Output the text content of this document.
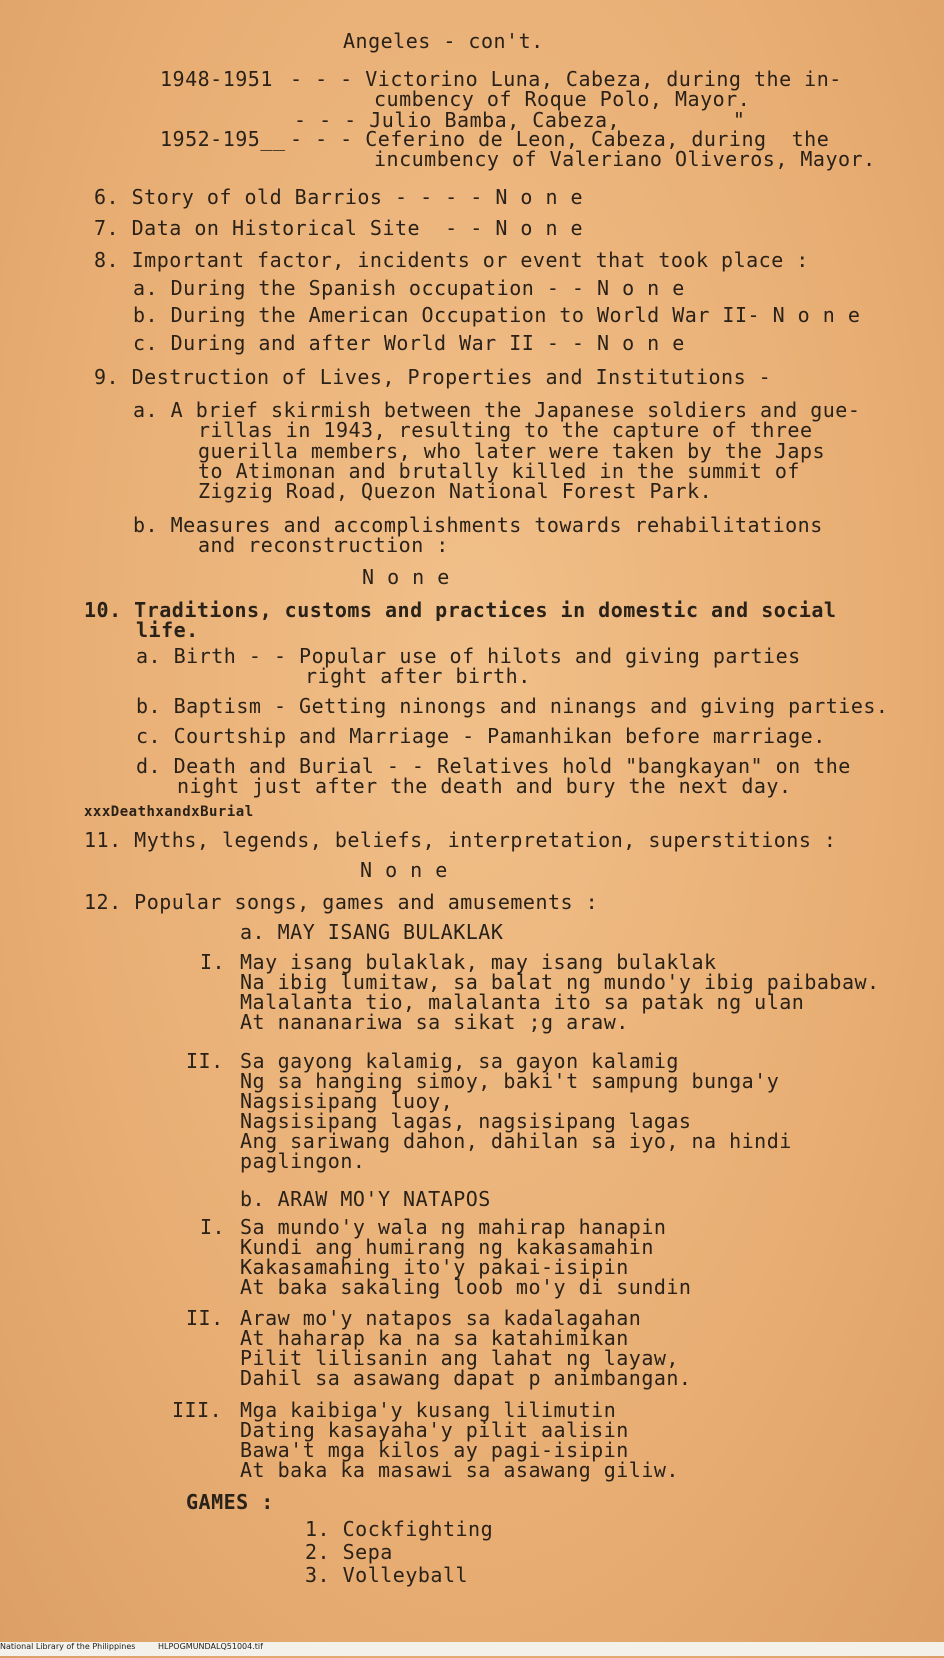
Angeles - con't.
1948-1951 - - - Victorino Luna, Cabeza, during the in-
cumbency of Roque Polo, Mayor.
- - - Julio Bamba, Cabeza,         "
1952-195__ - - - Ceferino de Leon, Cabeza, during  the
incumbency of Valeriano Oliveros, Mayor.
6. Story of old Barrios - - - - N o n e
7. Data on Historical Site  - - N o n e
8. Important factor, incidents or event that took place :
a. During the Spanish occupation - - N o n e
b. During the American Occupation to World War II- N o n e
c. During and after World War II - - N o n e
9. Destruction of Lives, Properties and Institutions -
a. A brief skirmish between the Japanese soldiers and gue-
rillas in 1943, resulting to the capture of three
guerilla members, who later were taken by the Japs
to Atimonan and brutally killed in the summit of
Zigzig Road, Quezon National Forest Park.
b. Measures and accomplishments towards rehabilitations
and reconstruction :
N o n e
10. Traditions, customs and practices in domestic and social
life.
a. Birth - - Popular use of hilots and giving parties
right after birth.
b. Baptism - Getting ninongs and ninangs and giving parties.
c. Courtship and Marriage - Pamanhikan before marriage.
d. Death and Burial - - Relatives hold "bangkayan" on the
night just after the death and bury the next day.
xxxDeathxandxBurial
11. Myths, legends, beliefs, interpretation, superstitions :
N o n e
12. Popular songs, games and amusements :
a. MAY ISANG BULAKLAK
I. May isang bulaklak, may isang bulaklak
Na ibig lumitaw, sa balat ng mundo'y ibig paibabaw.
Malalanta tio, malalanta ito sa patak ng ulan
At nananariwa sa sikat ;g araw.
II. Sa gayong kalamig, sa gayon kalamig
Ng sa hanging simoy, baki't sampung bunga'y
Nagsisipang luoy,
Nagsisipang lagas, nagsisipang lagas
Ang sariwang dahon, dahilan sa iyo, na hindi
paglingon.
b. ARAW MO'Y NATAPOS
I. Sa mundo'y wala ng mahirap hanapin
Kundi ang humirang ng kakasamahin
Kakasamahing ito'y pakai-isipin
At baka sakaling loob mo'y di sundin
II. Araw mo'y natapos sa kadalagahan
At haharap ka na sa katahimikan
Pilit lilisanin ang lahat ng layaw,
Dahil sa asawang dapat p animbangan.
III. Mga kaibiga'y kusang lilimutin
Dating kasayaha'y pilit aalisin
Bawa't mga kilos ay pagi-isipin
At baka ka masawi sa asawang giliw.
GAMES :
1. Cockfighting
2. Sepa
3. Volleyball
National Library of the Philippines	HLPOGMUNDALQ51004.tif
